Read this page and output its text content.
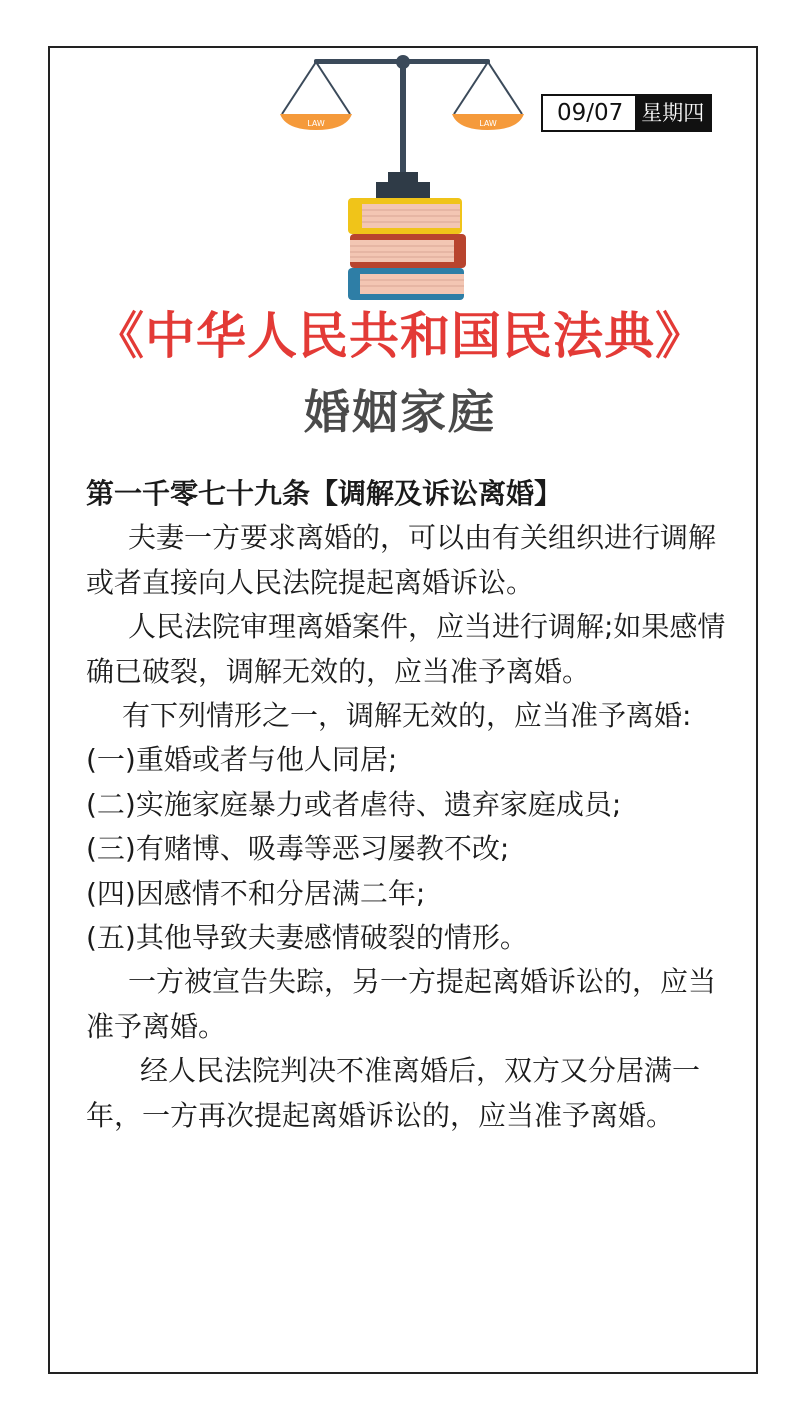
LAW	LAW	09/07 星期四
《中华人民共和国民法典》
婚姻家庭

第一千零七十九条【调解及诉讼离婚】

夫妻一方要求离婚的，可以由有关组织进行调解或者直接向人民法院提起离婚诉讼。

人民法院审理离婚案件，应当进行调解;如果感情确已破裂，调解无效的，应当准予离婚。

有下列情形之一，调解无效的，应当准予离婚:

(一)重婚或者与他人同居;

(二)实施家庭暴力或者虐待、遗弃家庭成员;

(三)有赌博、吸毒等恶习屡教不改;

(四)因感情不和分居满二年;

(五)其他导致夫妻感情破裂的情形。

一方被宣告失踪，另一方提起离婚诉讼的，应当准予离婚。

经人民法院判决不准离婚后，双方又分居满一年，一方再次提起离婚诉讼的，应当准予离婚。
